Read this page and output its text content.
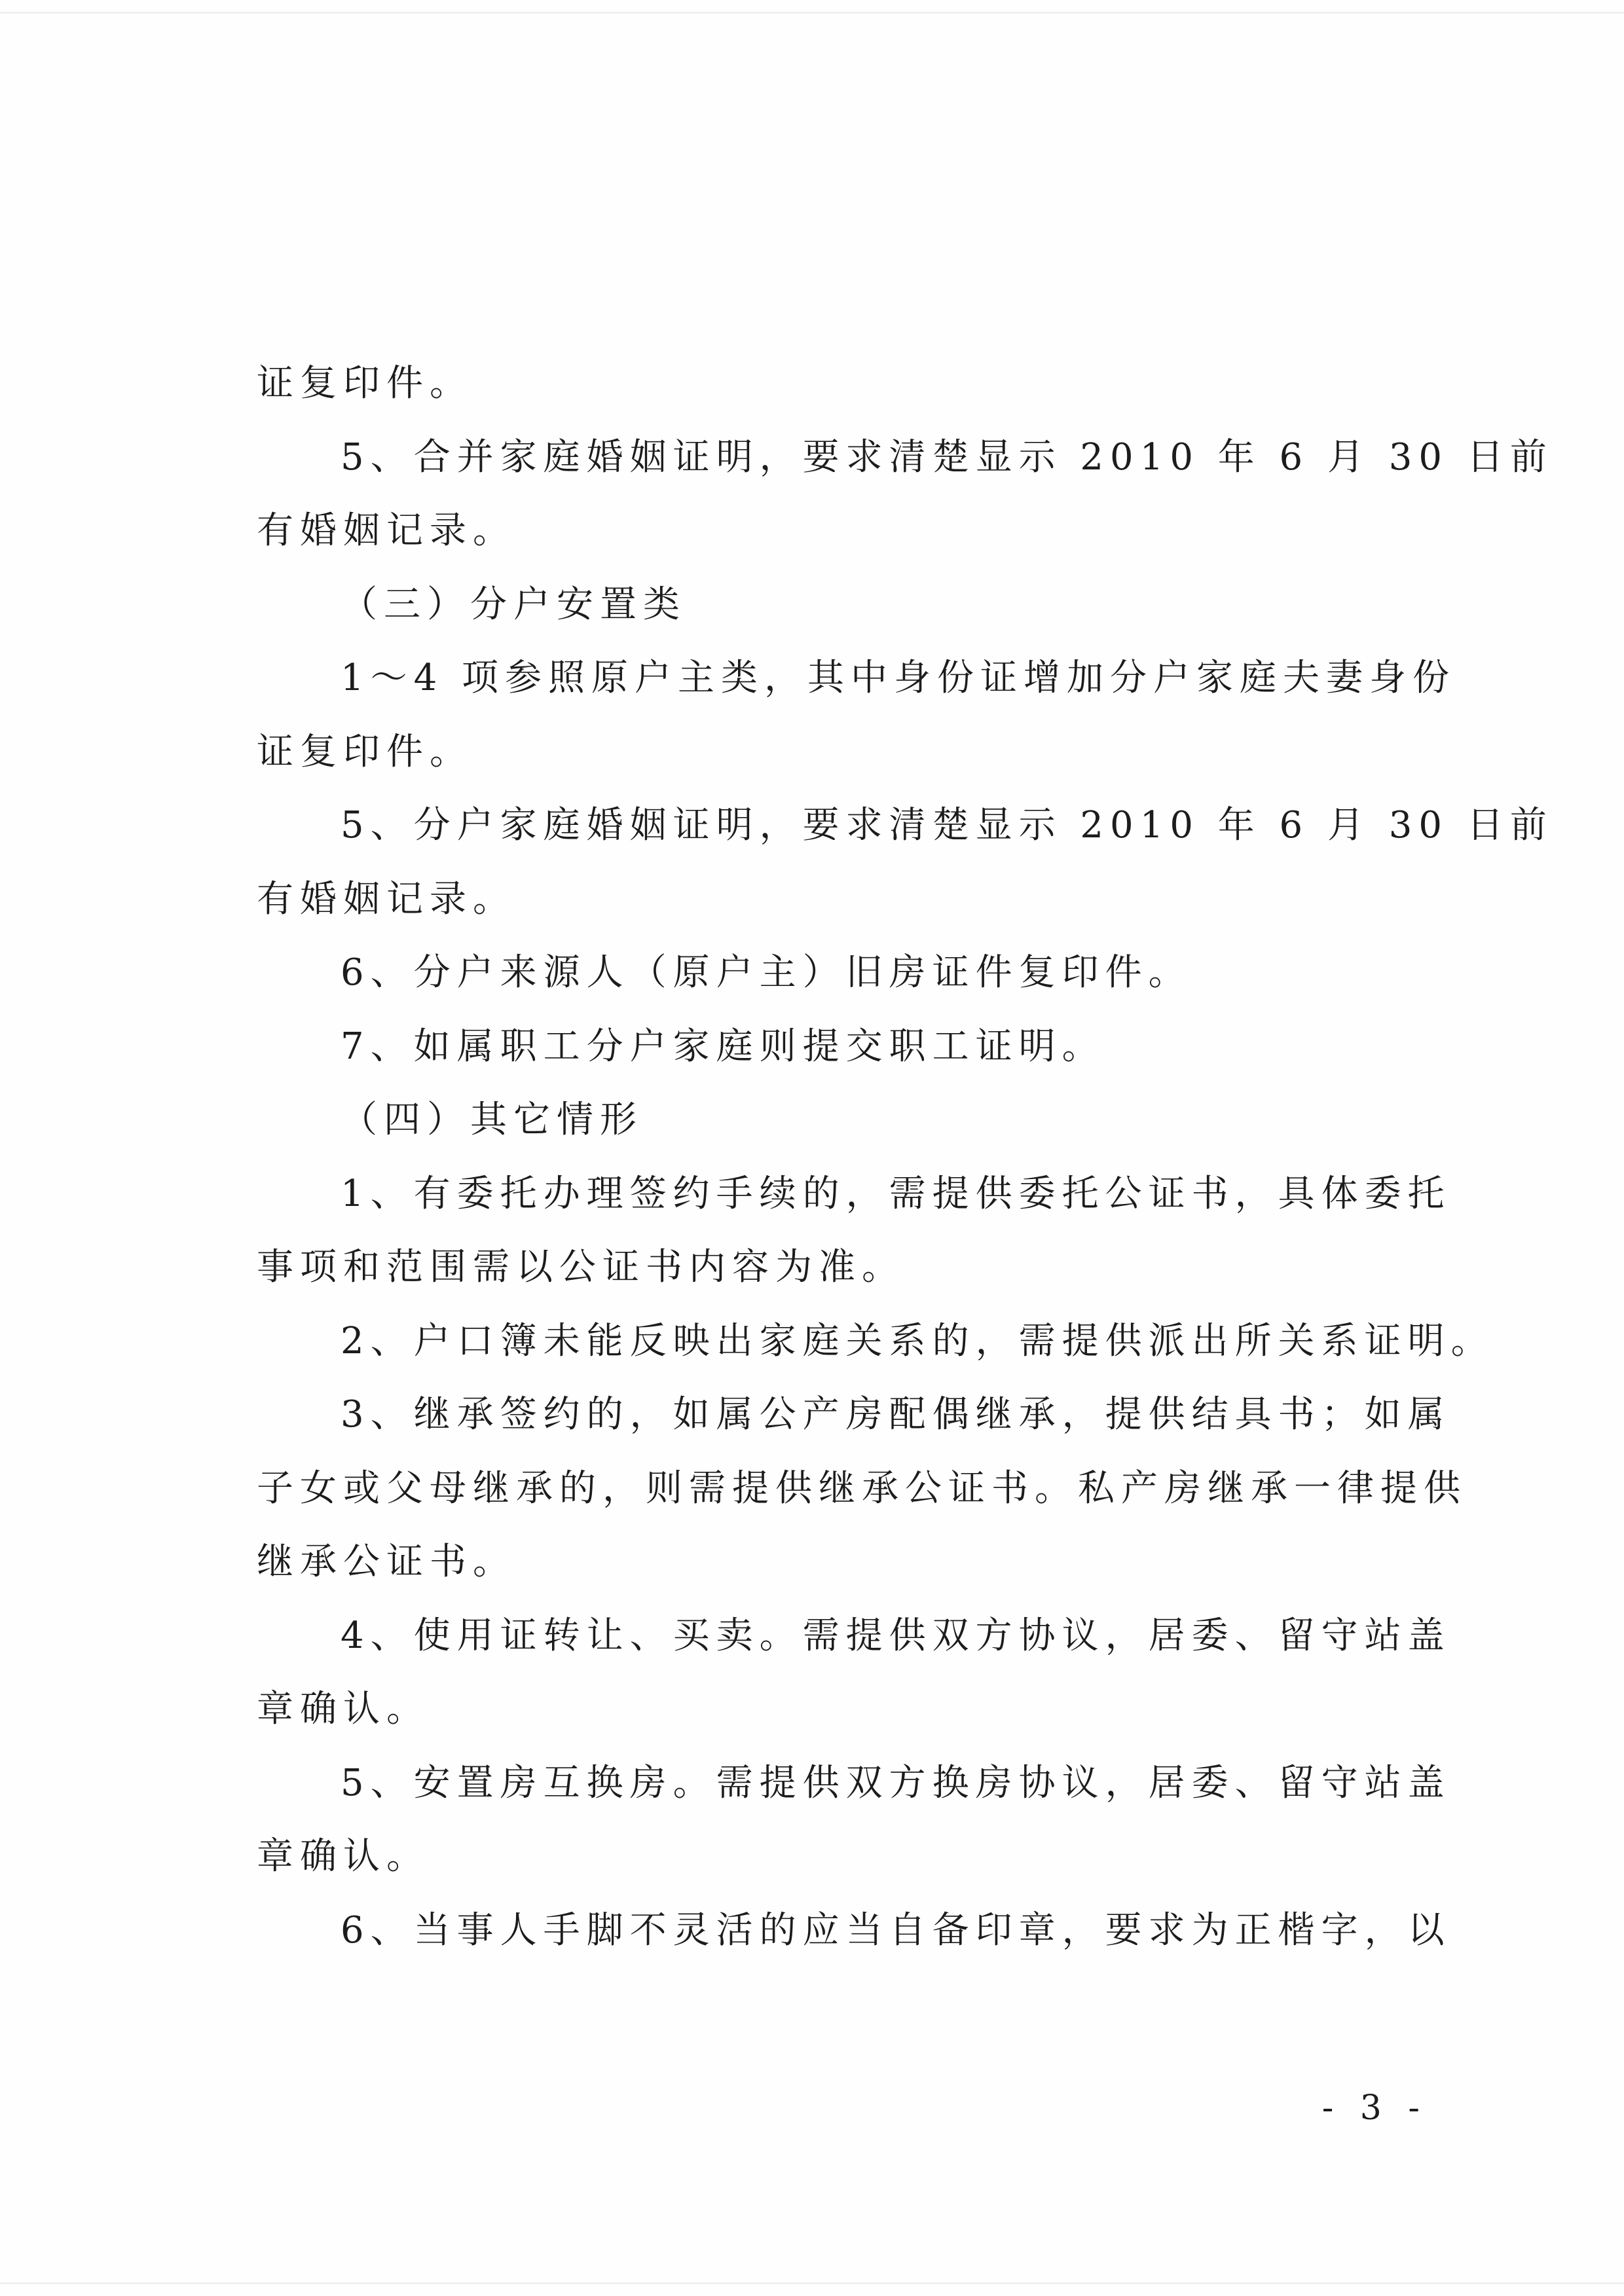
证复印件。
5、合并家庭婚姻证明，要求清楚显示 2010 年 6 月 30 日前
有婚姻记录。
（三）分户安置类
1～4 项参照原户主类，其中身份证增加分户家庭夫妻身份
证复印件。
5、分户家庭婚姻证明，要求清楚显示 2010 年 6 月 30 日前
有婚姻记录。
6、分户来源人（原户主）旧房证件复印件。
7、如属职工分户家庭则提交职工证明。
（四）其它情形
1、有委托办理签约手续的，需提供委托公证书，具体委托
事项和范围需以公证书内容为准。
2、户口簿未能反映出家庭关系的，需提供派出所关系证明。
3、继承签约的，如属公产房配偶继承，提供结具书；如属
子女或父母继承的，则需提供继承公证书。私产房继承一律提供
继承公证书。
4、使用证转让、买卖。需提供双方协议，居委、留守站盖
章确认。
5、安置房互换房。需提供双方换房协议，居委、留守站盖
章确认。
6、当事人手脚不灵活的应当自备印章，要求为正楷字，以
- 3 -
